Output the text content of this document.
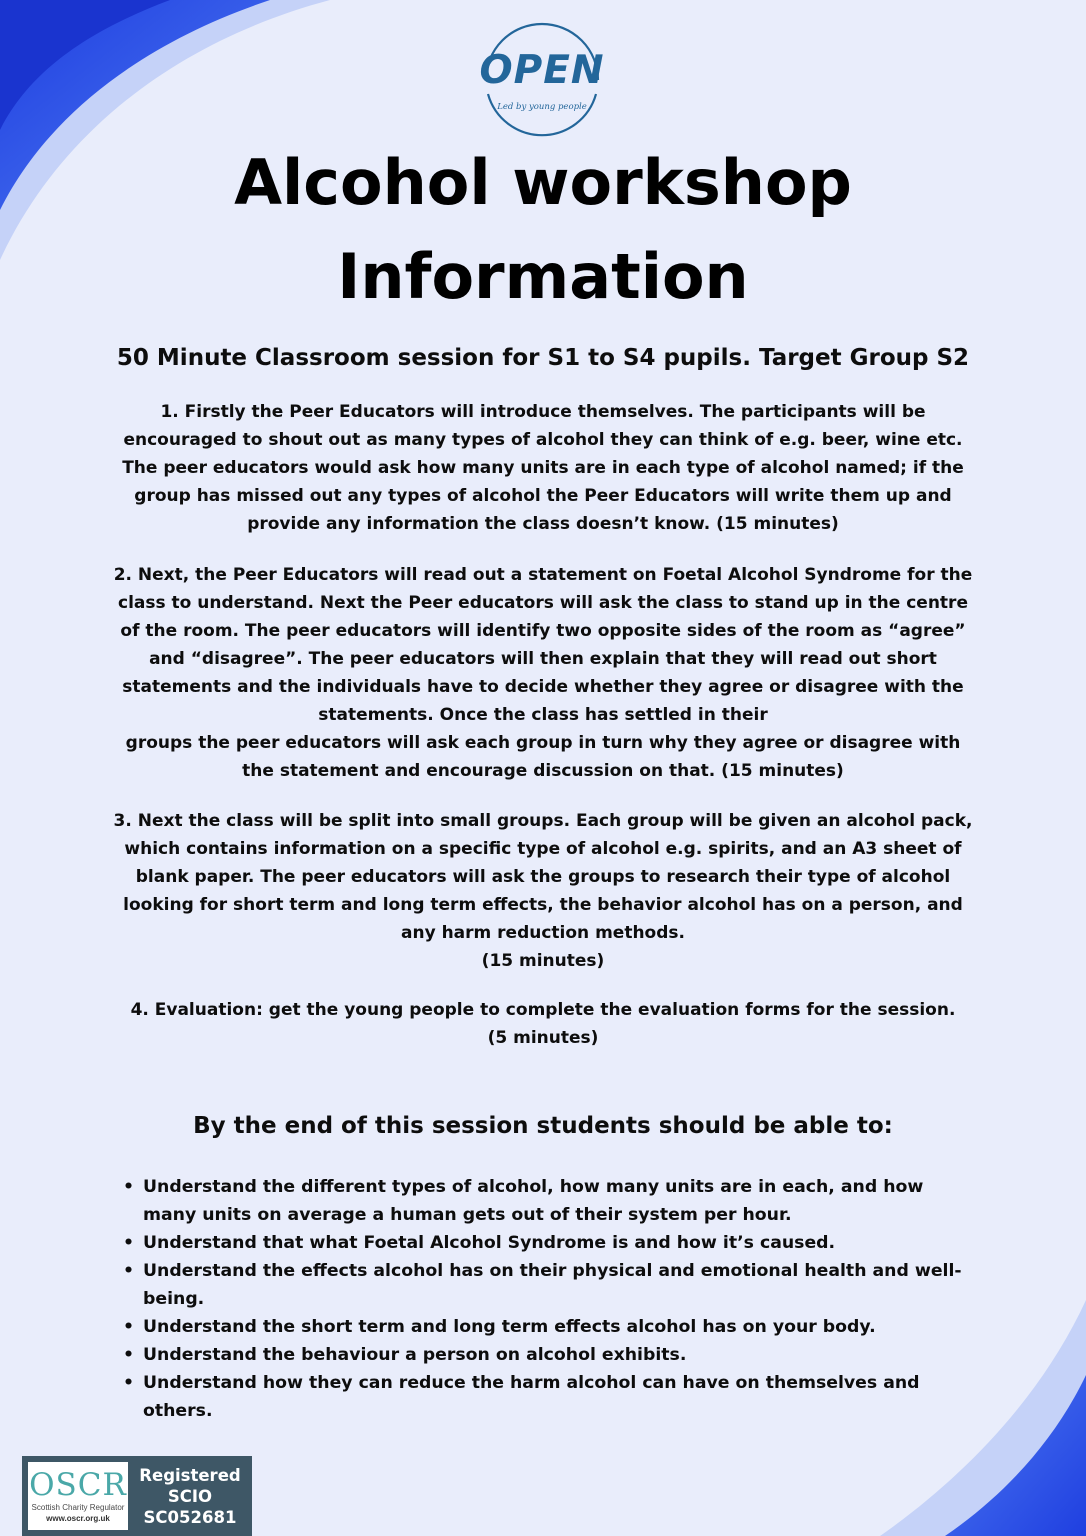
OPEN
Led by young people
Alcohol workshop
Information
50 Minute Classroom session for S1 to S4 pupils. Target Group S2

1. Firstly the Peer Educators will introduce themselves. The participants will be
encouraged to shout out as many types of alcohol they can think of e.g. beer, wine etc.
The peer educators would ask how many units are in each type of alcohol named; if the
group has missed out any types of alcohol the Peer Educators will write them up and
provide any information the class doesn’t know. (15 minutes)

2. Next, the Peer Educators will read out a statement on Foetal Alcohol Syndrome for the
class to understand. Next the Peer educators will ask the class to stand up in the centre
of the room. The peer educators will identify two opposite sides of the room as “agree”
and “disagree”. The peer educators will then explain that they will read out short
statements and the individuals have to decide whether they agree or disagree with the
statements. Once the class has settled in their
groups the peer educators will ask each group in turn why they agree or disagree with
the statement and encourage discussion on that. (15 minutes)

3. Next the class will be split into small groups. Each group will be given an alcohol pack,
which contains information on a specific type of alcohol e.g. spirits, and an A3 sheet of
blank paper. The peer educators will ask the groups to research their type of alcohol
looking for short term and long term effects, the behavior alcohol has on a person, and
any harm reduction methods.
(15 minutes)

4. Evaluation: get the young people to complete the evaluation forms for the session.
(5 minutes)

By the end of this session students should be able to:
• Understand the different types of alcohol, how many units are in each, and how
many units on average a human gets out of their system per hour.
• Understand that what Foetal Alcohol Syndrome is and how it’s caused.
• Understand the effects alcohol has on their physical and emotional health and well-
being.
• Understand the short term and long term effects alcohol has on your body.
• Understand the behaviour a person on alcohol exhibits.
• Understand how they can reduce the harm alcohol can have on themselves and
others.
OSCR
Scottish Charity Regulator
www.oscr.org.uk
Registered
SCIO
SC052681
